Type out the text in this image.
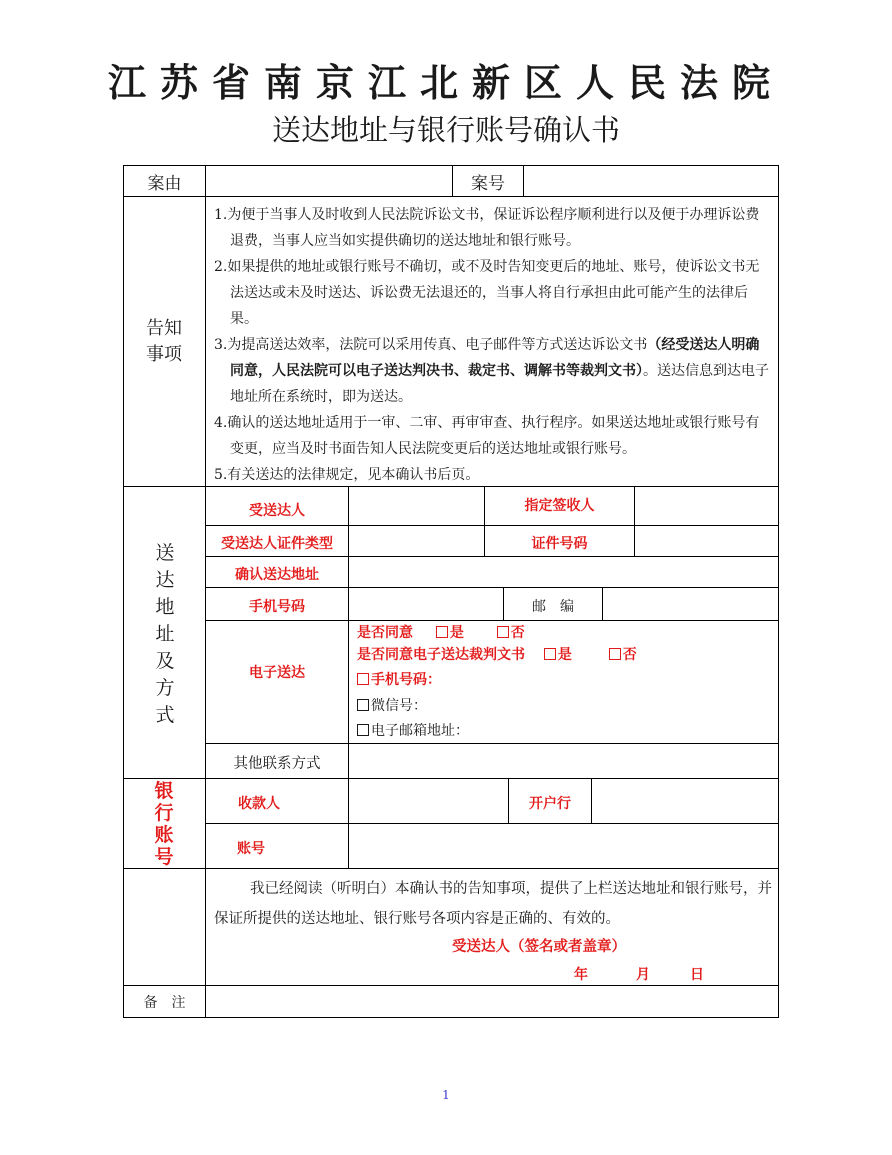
江苏省南京江北新区人民法院
送达地址与银行账号确认书
案由	案号
告知事项
1.为便于当事人及时收到人民法院诉讼文书，保证诉讼程序顺利进行以及便于办理诉讼费退费，当事人应当如实提供确切的送达地址和银行账号。
2.如果提供的地址或银行账号不确切，或不及时告知变更后的地址、账号，使诉讼文书无法送达或未及时送达、诉讼费无法退还的，当事人将自行承担由此可能产生的法律后果。
3.为提高送达效率，法院可以采用传真、电子邮件等方式送达诉讼文书（经受送达人明确同意，人民法院可以电子送达判决书、裁定书、调解书等裁判文书）。送达信息到达电子地址所在系统时，即为送达。
4.确认的送达地址适用于一审、二审、再审审查、执行程序。如果送达地址或银行账号有变更，应当及时书面告知人民法院变更后的送达地址或银行账号。
5.有关送达的法律规定，见本确认书后页。
送达地址及方式
受送达人	指定签收人
受送达人证件类型	证件号码
确认送达地址
手机号码	邮　编
电子送达
是否同意	是	否
是否同意电子送达裁判文书 是	否
手机号码：
微信号：
电子邮箱地址：
其他联系方式
银行账号
收款人	开户行
账号
我已经阅读（听明白）本确认书的告知事项，提供了上栏送达地址和银行账号，并保证所提供的送达地址、银行账号各项内容是正确的、有效的。
受送达人（签名或者盖章）
年	月	日
备　注
1
